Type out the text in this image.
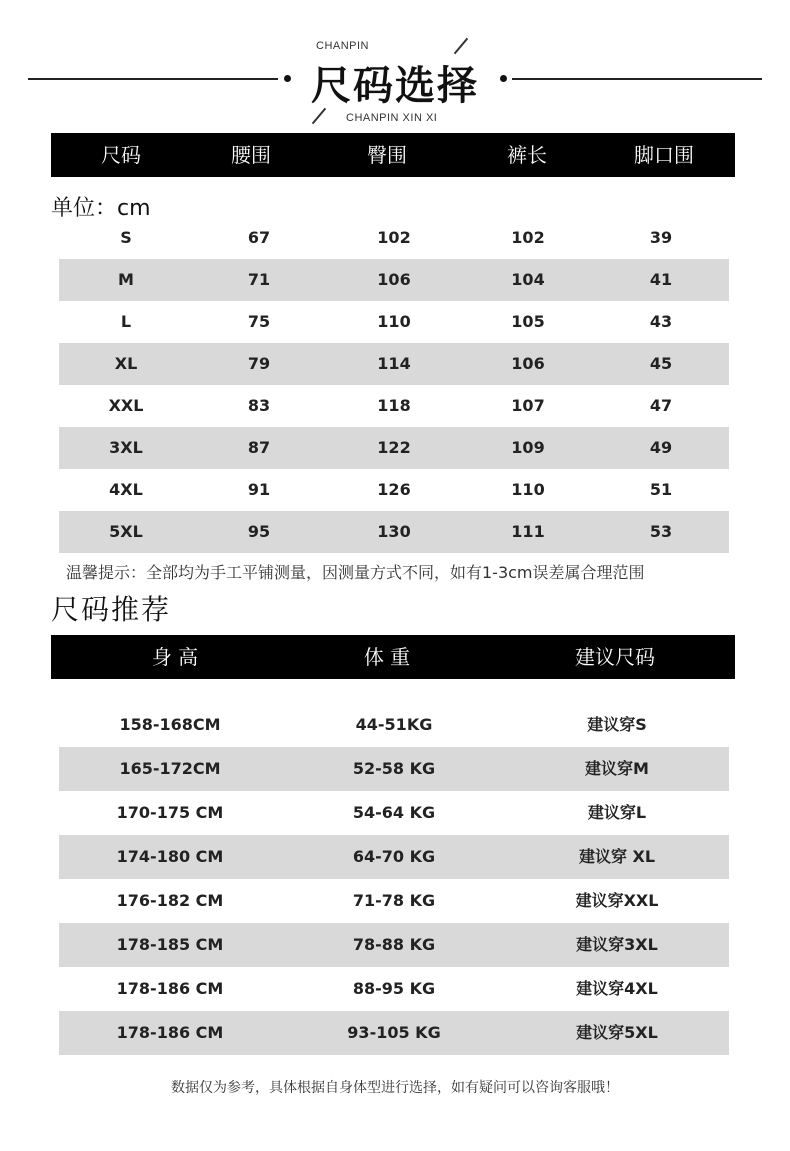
CHANPIN
尺码选择
CHANPIN XIN XI
尺码	腰围	臀围	裤长	脚口围
单位：cm
S	67	102	102	39
M	71	106	104	41
L	75	110	105	43
XL	79	114	106	45
XXL	83	118	107	47
3XL	87	122	109	49
4XL	91	126	110	51
5XL	95	130	111	53
温馨提示：全部均为手工平铺测量，因测量方式不同，如有1-3cm误差属合理范围
尺码推荐
身 高	体 重	建议尺码
158-168CM	44-51KG	建议穿S
165-172CM	52-58 KG	建议穿M
170-175 CM	54-64 KG	建议穿L
174-180 CM	64-70 KG	建议穿 XL
176-182 CM	71-78 KG	建议穿XXL
178-185 CM	78-88 KG	建议穿3XL
178-186 CM	88-95 KG	建议穿4XL
178-186 CM	93-105 KG	建议穿5XL
数据仅为参考，具体根据自身体型进行选择，如有疑问可以咨询客服哦！
